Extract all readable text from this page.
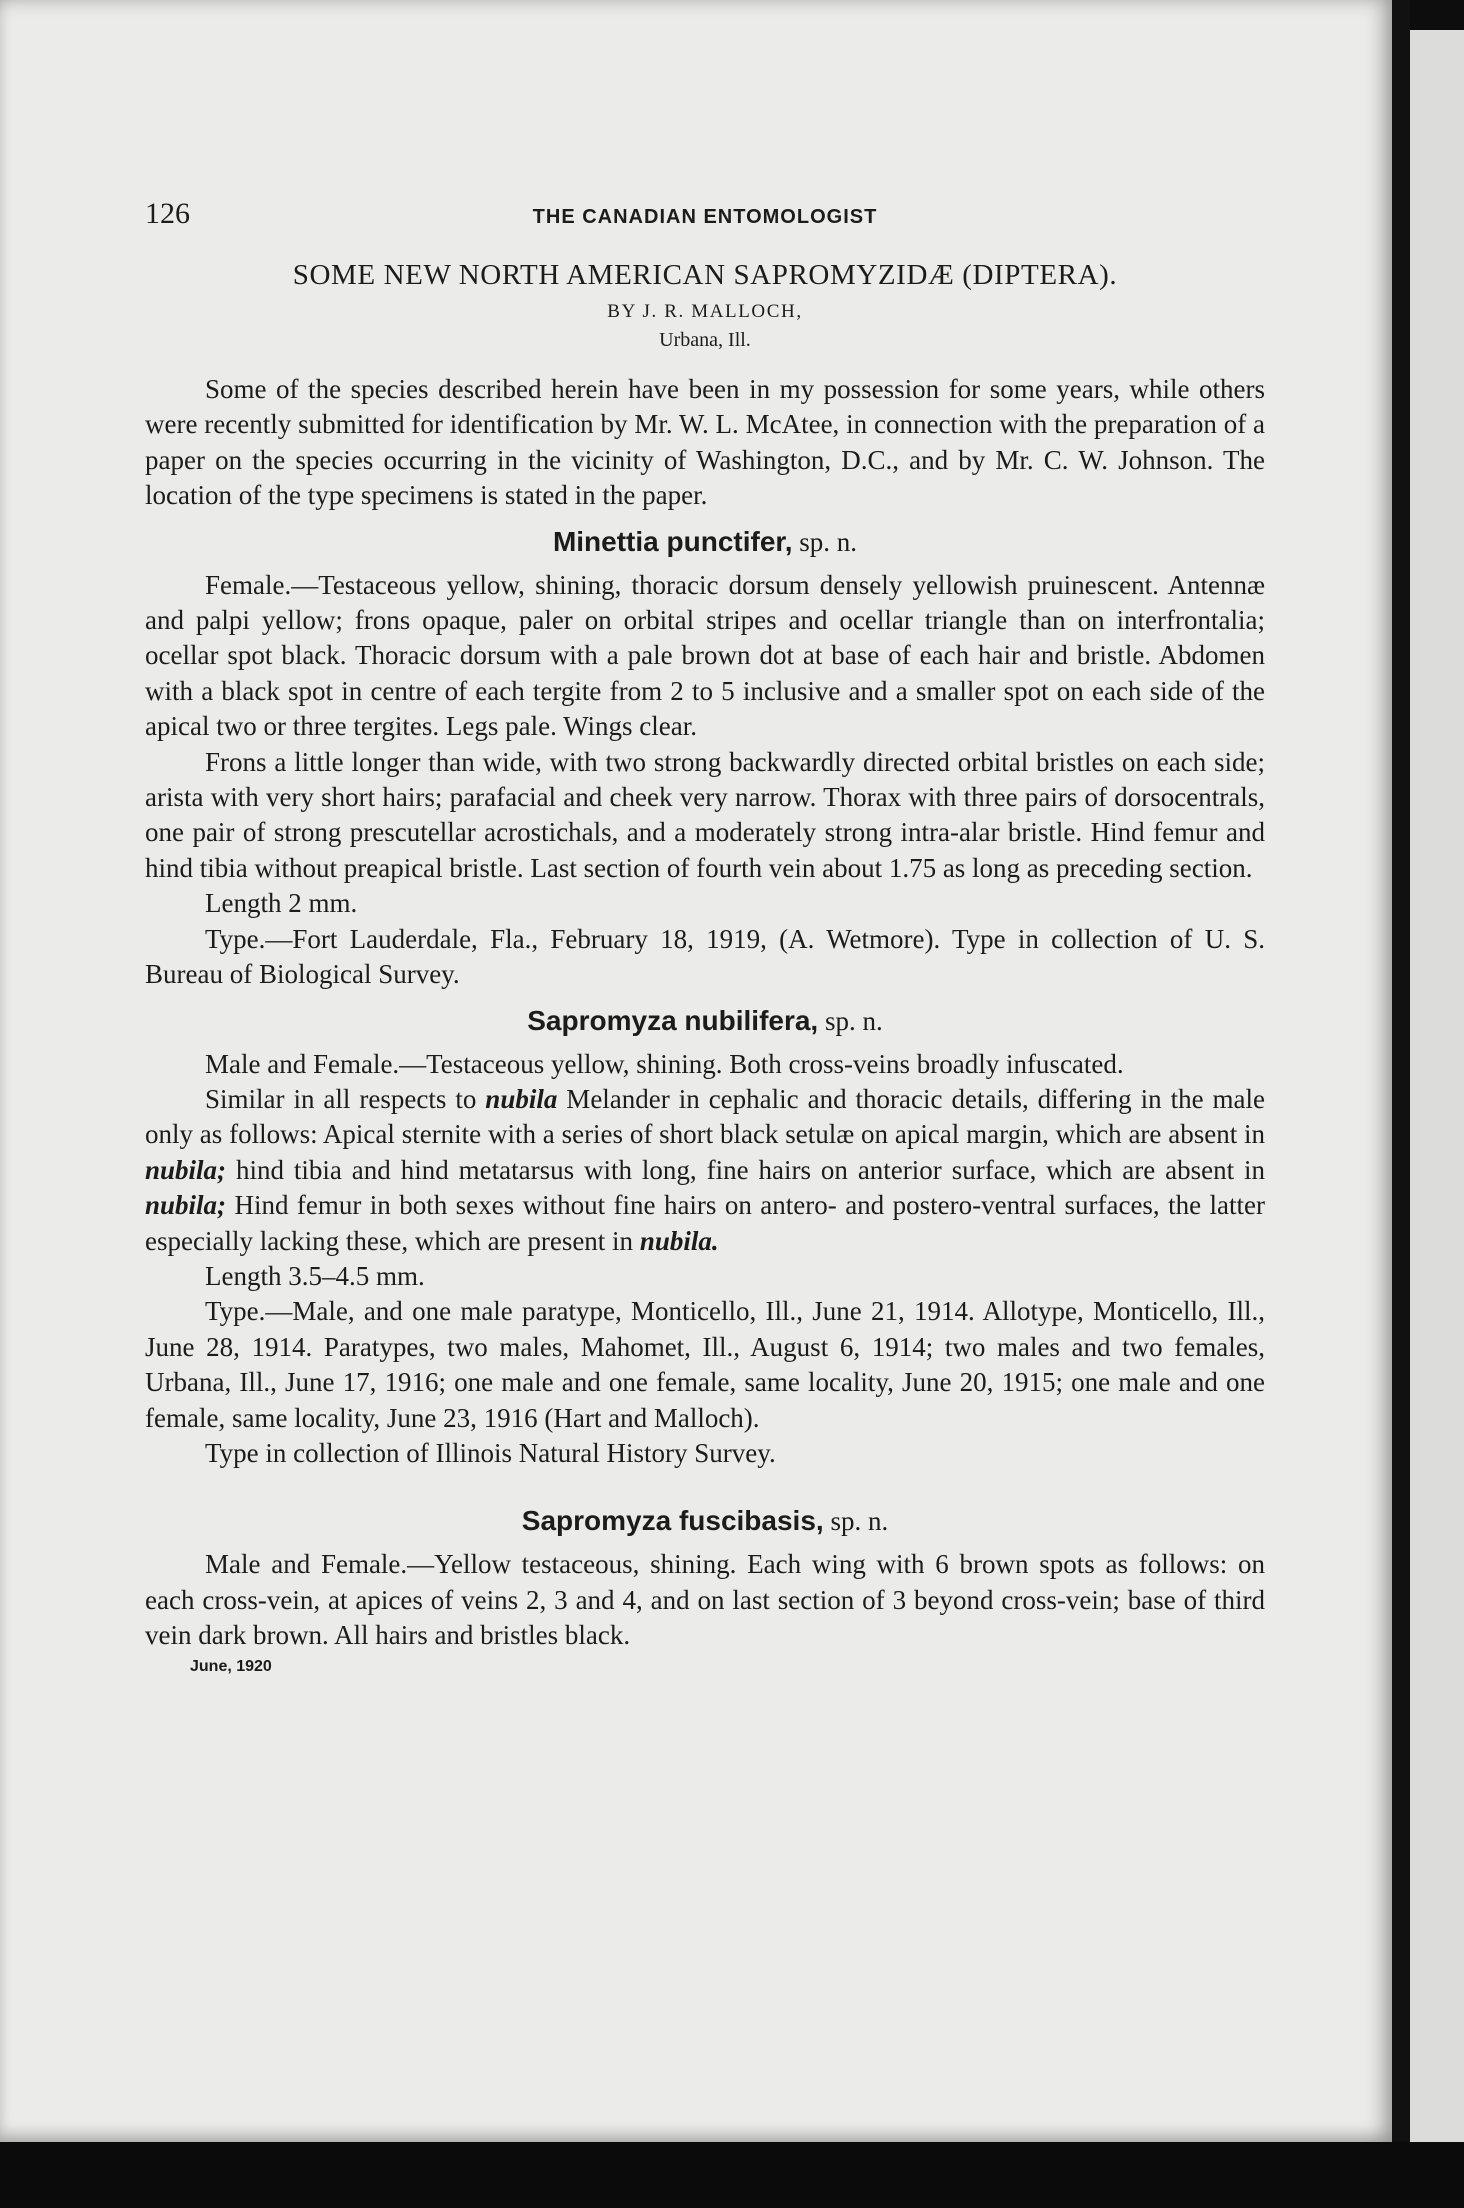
126	THE CANADIAN ENTOMOLOGIST
SOME NEW NORTH AMERICAN SAPROMYZIDÆ (DIPTERA).
BY J. R. MALLOCH,
Urbana, Ill.

Some of the species described herein have been in my possession for some years, while others were recently submitted for identification by Mr. W. L. McAtee, in connection with the preparation of a paper on the species occurring in the vicinity of Washington, D.C., and by Mr. C. W. Johnson. The location of the type specimens is stated in the paper.

Minettia punctifer, sp. n.

Female.—Testaceous yellow, shining, thoracic dorsum densely yellowish pruinescent. Antennæ and palpi yellow; frons opaque, paler on orbital stripes and ocellar triangle than on interfrontalia; ocellar spot black. Thoracic dorsum with a pale brown dot at base of each hair and bristle. Abdomen with a black spot in centre of each tergite from 2 to 5 inclusive and a smaller spot on each side of the apical two or three tergites. Legs pale. Wings clear.

Frons a little longer than wide, with two strong backwardly directed orbital bristles on each side; arista with very short hairs; parafacial and cheek very narrow. Thorax with three pairs of dorsocentrals, one pair of strong prescutellar acrostichals, and a moderately strong intra-alar bristle. Hind femur and hind tibia without preapical bristle. Last section of fourth vein about 1.75 as long as preceding section.

Length 2 mm.

Type.—Fort Lauderdale, Fla., February 18, 1919, (A. Wetmore). Type in collection of U. S. Bureau of Biological Survey.

Sapromyza nubilifera, sp. n.

Male and Female.—Testaceous yellow, shining. Both cross-veins broadly infuscated.

Similar in all respects to nubila Melander in cephalic and thoracic details, differing in the male only as follows: Apical sternite with a series of short black setulæ on apical margin, which are absent in nubila; hind tibia and hind metatarsus with long, fine hairs on anterior surface, which are absent in nubila; Hind femur in both sexes without fine hairs on antero- and postero-ventral surfaces, the latter especially lacking these, which are present in nubila.

Length 3.5–4.5 mm.

Type.—Male, and one male paratype, Monticello, Ill., June 21, 1914. Allotype, Monticello, Ill., June 28, 1914. Paratypes, two males, Mahomet, Ill., August 6, 1914; two males and two females, Urbana, Ill., June 17, 1916; one male and one female, same locality, June 20, 1915; one male and one female, same locality, June 23, 1916 (Hart and Malloch).

Type in collection of Illinois Natural History Survey.

Sapromyza fuscibasis, sp. n.

Male and Female.—Yellow testaceous, shining. Each wing with 6 brown spots as follows: on each cross-vein, at apices of veins 2, 3 and 4, and on last section of 3 beyond cross-vein; base of third vein dark brown. All hairs and bristles black.

June, 1920
